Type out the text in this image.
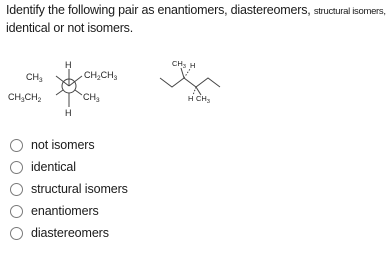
Identify the following pair as enantiomers, diastereomers, structural isomers,
identical or not isomers.
H
$CH_3$
$CH_2CH_3$
$CH_3CH_2$	$CH_3$
H
$CH_3$ H
H $CH_3$
not isomers
identical
structural isomers
enantiomers
diastereomers
